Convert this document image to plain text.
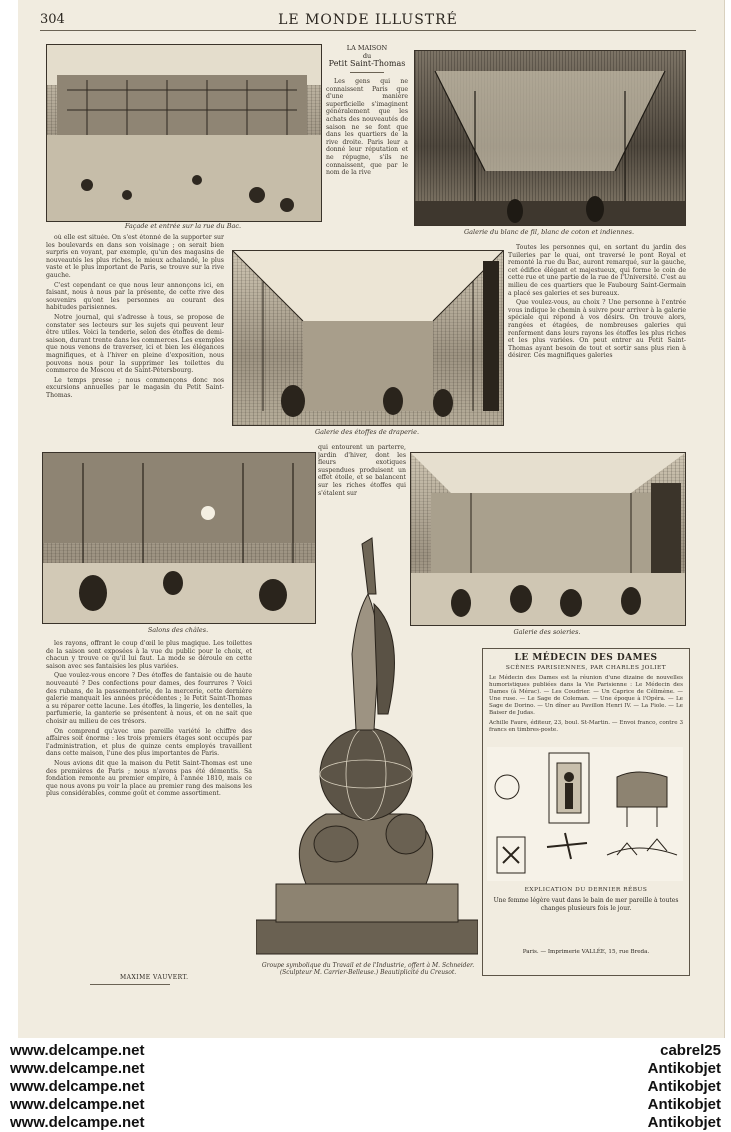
304	LE MONDE ILLUSTRÉ
Façade et entrée sur la rue du Bac.
LA MAISON
du
Petit Saint-Thomas

Les gens qui ne connaissent Paris que d'une manière superficielle s'imaginent généralement que les achats des nouveautés de saison ne se font que dans les quartiers de la rive droite. Paris leur a donné leur réputation et ne répugne, s'ils ne connaissent, que par le nom de la rive

Galerie du blanc de fil, blanc de coton et indiennes.

où elle est située. On s'est étonné de la supporter sur les boulevards en dans son voisinage ; on serait bien surpris en voyant, par exemple, qu'un des magasins de nouveautés les plus riches, le mieux achalandé, le plus vaste et le plus important de Paris, se trouve sur la rive gauche.

C'est cependant ce que nous leur annonçons ici, en faisant, nous à nous par la présente, de cette rive des souvenirs qu'ont les personnes au courant des habitudes parisiennes.

Notre journal, qui s'adresse à tous, se propose de constater ses lecteurs sur les sujets qui peuvent leur être utiles. Voici la tenderie, selon des étoffes de demi-saison, durant trente dans les commerces. Les exemples que nous venons de traverser, ici et bien les élégances magnifiques, et à l'hiver en pleine d'exposition, nous pouvons nous pour la supprimer les toilettes du commerce de Moscou et de Saint-Pétersbourg.

Le temps presse ; nous commençons donc nos excursions annuelles par le magasin du Petit Saint-Thomas.

Galerie des étoffes de draperie.

Toutes les personnes qui, en sortant du jardin des Tuileries par le quai, ont traversé le pont Royal et remonté la rue du Bac, auront remarqué, sur la gauche, cet édifice élégant et majestueux, qui forme le coin de cette rue et une partie de la rue de l'Université. C'est au milieu de ces quartiers que le Faubourg Saint-Germain a placé ses galeries et ses bureaux.

Que voulez-vous, au choix ? Une personne à l'entrée vous indique le chemin à suivre pour arriver à la galerie spéciale qui répond à vos désirs. On trouve alors, rangées et étagées, de nombreuses galeries qui renferment dans leurs rayons les étoffes les plus riches et les plus variées. On peut entrer au Petit Saint-Thomas ayant besoin de tout et sortir sans plus rien à désirer. Ces magnifiques galeries

Salons des châles.

qui entourent un parterre, jardin d'hiver, dont les fleurs exotiques suspendues produisent un effet étoile, et se balancent sur les riches étoffes qui s'étalent sur

Galerie des soieries.

les rayons, offrant le coup d'œil le plus magique. Les toilettes de la saison sont exposées à la vue du public pour le choix, et chacun y trouve ce qu'il lui faut. La mode se déroule en cette saison avec ses fantaisies les plus variées.

Que voulez-vous encore ? Des étoffes de fantaisie ou de haute nouveauté ? Des confections pour dames, des fourrures ? Voici des rubans, de la passementerie, de la mercerie, cette dernière galerie manquait les années précédentes ; le Petit Saint-Thomas a su réparer cette lacune. Les étoffes, la lingerie, les dentelles, la parfumerie, la ganterie se présentent à nous, et on ne sait que choisir au milieu de ces trésors.

On comprend qu'avec une pareille variété le chiffre des affaires soit énorme : les trois premiers étages sont occupés par l'administration, et plus de quinze cents employés travaillent dans cette maison, l'une des plus importantes de Paris.

Nous avions dit que la maison du Petit Saint-Thomas est une des premières de Paris ; nous n'avons pas été démentis. Sa fondation remonte au premier empire, à l'année 1810, mais ce que nous avons pu voir la place au premier rang des maisons les plus considérables, comme goût et comme assortiment.

MAXIME VAUVERT.
Groupe symbolique du Travail et de l'Industrie, offert à M. Schneider. (Sculpteur M. Carrier-Belleuse.) Beautiplicité du Creusot.
LE MÉDECIN DES DAMES
SCÈNES PARISIENNES, PAR CHARLES JOLIET
Le Médecin des Dames est la réunion d'une dizaine de nouvelles humoristiques publiées dans la Vie Parisienne : Le Médecin des Dames (à Mérac). — Les Coudrier. — Un Caprice de Célimène. — Une ruse. — Le Sage de Coleman. — Une époque à l'Opéra. — Le Sage de Dorino. — Un dîner au Pavillon Henri IV. — La Fiole. — Le Baiser de Judas.
Achille Faure, éditeur, 23, boul. St-Martin. — Envoi franco, contre 3 francs en timbres-poste.
EXPLICATION DU DERNIER RÉBUS
Une femme légère vaut dans le bain de mer pareille à toutes changes plusieurs fois le jour.
Paris. — Imprimerie VALLÉE, 15, rue Breda.
www.delcampe.net
www.delcampe.net
www.delcampe.net
www.delcampe.net
www.delcampe.net
cabrel25
Antikobjet
Antikobjet
Antikobjet
Antikobjet
